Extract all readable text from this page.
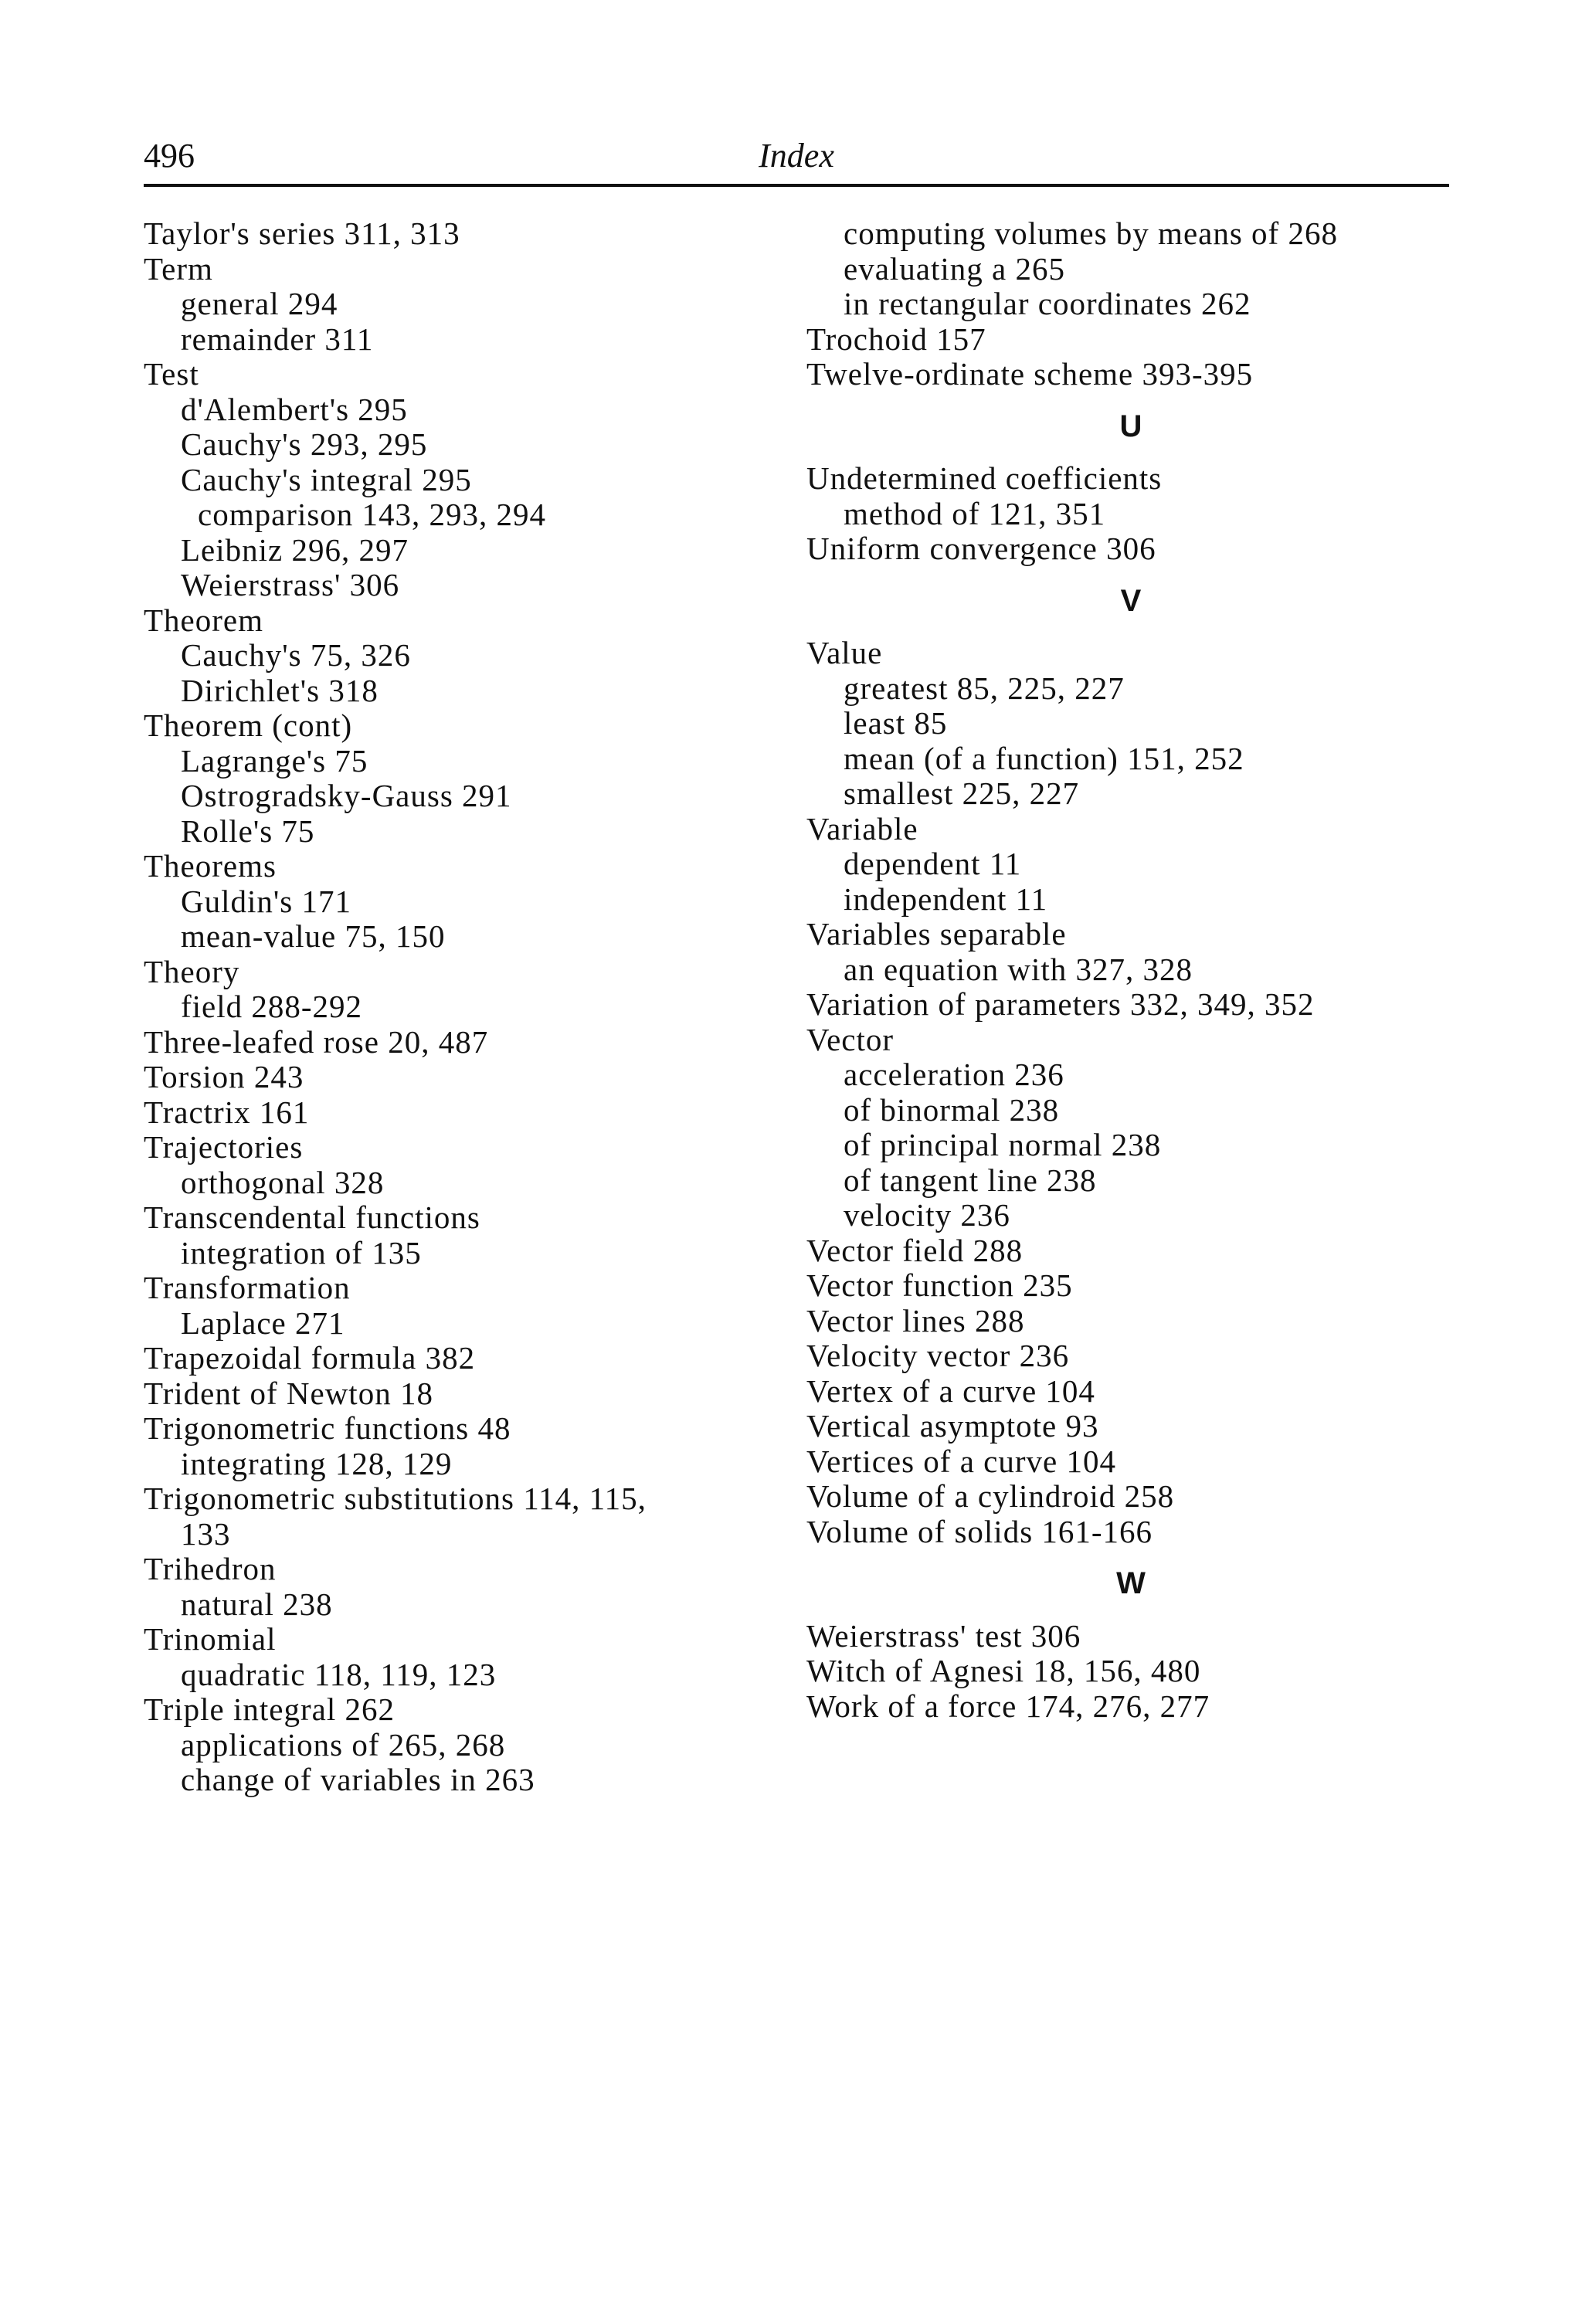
496	Index
Taylor's series 311, 313
Term
general 294
remainder 311
Test
d'Alembert's 295
Cauchy's 293, 295
Cauchy's integral 295
comparison 143, 293, 294
Leibniz 296, 297
Weierstrass' 306
Theorem
Cauchy's 75, 326
Dirichlet's 318
Theorem (cont)
Lagrange's 75
Ostrogradsky-Gauss 291
Rolle's 75
Theorems
Guldin's 171
mean-value 75, 150
Theory
field 288-292
Three-leafed rose 20, 487
Torsion 243
Tractrix 161
Trajectories
orthogonal 328
Transcendental functions
integration of 135
Transformation
Laplace 271
Trapezoidal formula 382
Trident of Newton 18
Trigonometric functions 48
integrating 128, 129
Trigonometric substitutions 114, 115,
133
Trihedron
natural 238
Trinomial
quadratic 118, 119, 123
Triple integral 262
applications of 265, 268
change of variables in 263
computing volumes by means of 268
evaluating a 265
in rectangular coordinates 262
Trochoid 157
Twelve-ordinate scheme 393-395
U
Undetermined coefficients
method of 121, 351
Uniform convergence 306
V
Value
greatest 85, 225, 227
least 85
mean (of a function) 151, 252
smallest 225, 227
Variable
dependent 11
independent 11
Variables separable
an equation with 327, 328
Variation of parameters 332, 349, 352
Vector
acceleration 236
of binormal 238
of principal normal 238
of tangent line 238
velocity 236
Vector field 288
Vector function 235
Vector lines 288
Velocity vector 236
Vertex of a curve 104
Vertical asymptote 93
Vertices of a curve 104
Volume of a cylindroid 258
Volume of solids 161-166
W
Weierstrass' test 306
Witch of Agnesi 18, 156, 480
Work of a force 174, 276, 277
